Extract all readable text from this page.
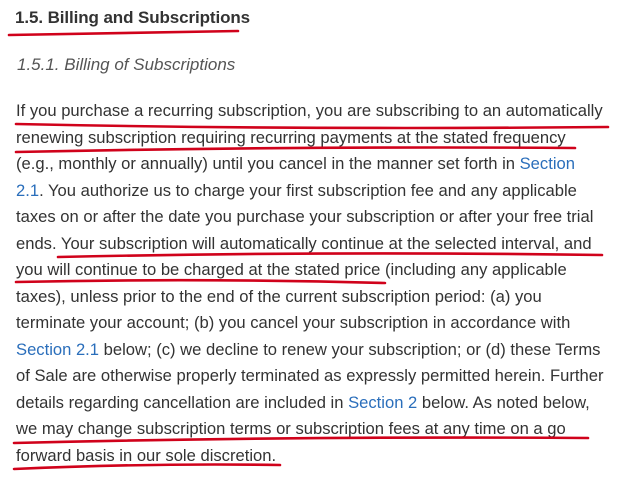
1.5. Billing and Subscriptions
1.5.1. Billing of Subscriptions
If you purchase a recurring subscription, you are subscribing to an automatically
renewing subscription requiring recurring payments at the stated frequency
(e.g., monthly or annually) until you cancel in the manner set forth in Section
2.1. You authorize us to charge your first subscription fee and any applicable
taxes on or after the date you purchase your subscription or after your free trial
ends. Your subscription will automatically continue at the selected interval, and
you will continue to be charged at the stated price (including any applicable
taxes), unless prior to the end of the current subscription period: (a) you
terminate your account; (b) you cancel your subscription in accordance with
Section 2.1 below; (c) we decline to renew your subscription; or (d) these Terms
of Sale are otherwise properly terminated as expressly permitted herein. Further
details regarding cancellation are included in Section 2 below. As noted below,
we may change subscription terms or subscription fees at any time on a go
forward basis in our sole discretion.
